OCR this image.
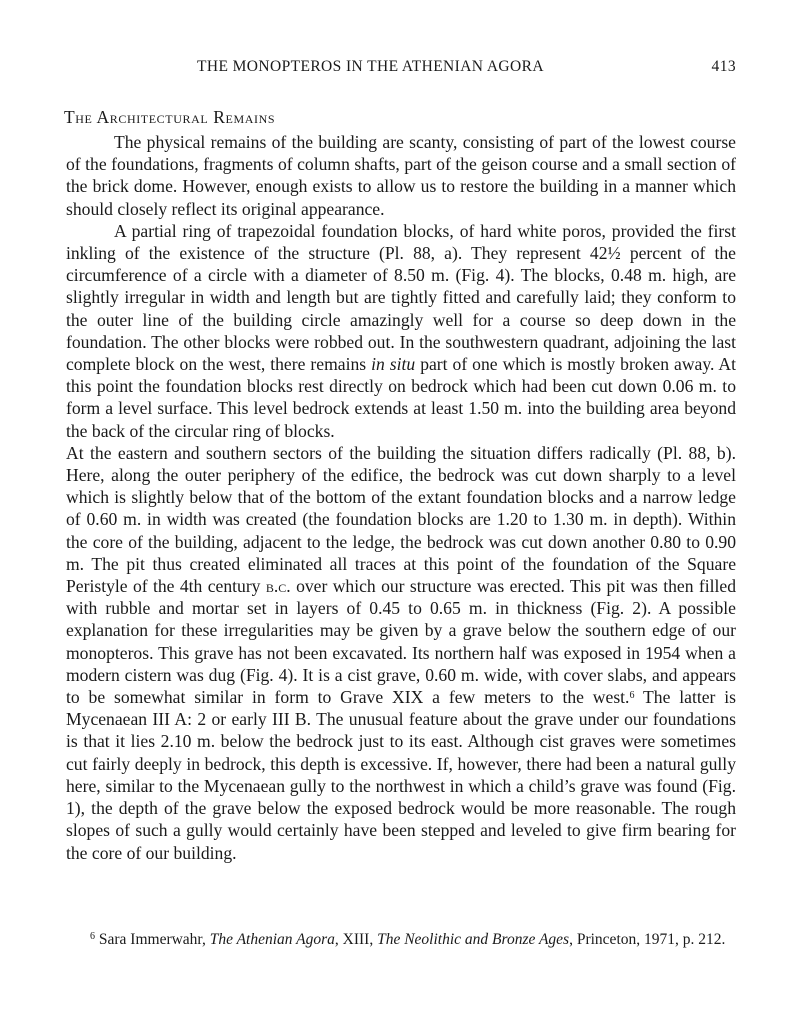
THE MONOPTEROS IN THE ATHENIAN AGORA	413
The Architectural Remains

The physical remains of the building are scanty, consisting of part of the lowest course of the foundations, fragments of column shafts, part of the geison course and a small section of the brick dome. However, enough exists to allow us to restore the building in a manner which should closely reflect its original appearance.

A partial ring of trapezoidal foundation blocks, of hard white poros, provided the first inkling of the existence of the structure (Pl. 88, a). They represent 42½ percent of the circumference of a circle with a diameter of 8.50 m. (Fig. 4). The blocks, 0.48 m. high, are slightly irregular in width and length but are tightly fitted and carefully laid; they conform to the outer line of the building circle amazingly well for a course so deep down in the foundation. The other blocks were robbed out. In the southwestern quadrant, adjoining the last complete block on the west, there remains in situ part of one which is mostly broken away. At this point the foundation blocks rest directly on bedrock which had been cut down 0.06 m. to form a level surface. This level bedrock extends at least 1.50 m. into the building area beyond the back of the circular ring of blocks.

At the eastern and southern sectors of the building the situation differs radically (Pl. 88, b). Here, along the outer periphery of the edifice, the bedrock was cut down sharply to a level which is slightly below that of the bottom of the extant foundation blocks and a narrow ledge of 0.60 m. in width was created (the foundation blocks are 1.20 to 1.30 m. in depth). Within the core of the building, adjacent to the ledge, the bedrock was cut down another 0.80 to 0.90 m. The pit thus created eliminated all traces at this point of the foundation of the Square Peristyle of the 4th century b.c. over which our structure was erected. This pit was then filled with rubble and mortar set in layers of 0.45 to 0.65 m. in thickness (Fig. 2). A possible explanation for these irregularities may be given by a grave below the southern edge of our monopteros. This grave has not been excavated. Its northern half was exposed in 1954 when a modern cistern was dug (Fig. 4). It is a cist grave, 0.60 m. wide, with cover slabs, and appears to be somewhat similar in form to Grave XIX a few meters to the west.$^6$ The latter is Mycenaean III A: 2 or early III B. The unusual feature about the grave under our foundations is that it lies 2.10 m. below the bedrock just to its east. Although cist graves were sometimes cut fairly deeply in bedrock, this depth is excessive. If, however, there had been a natural gully here, similar to the Mycenaean gully to the northwest in which a child’s grave was found (Fig. 1), the depth of the grave below the exposed bedrock would be more reasonable. The rough slopes of such a gully would certainly have been stepped and leveled to give firm bearing for the core of our building.

$^6$ Sara Immerwahr, The Athenian Agora, XIII, The Neolithic and Bronze Ages, Princeton, 1971, p. 212.
